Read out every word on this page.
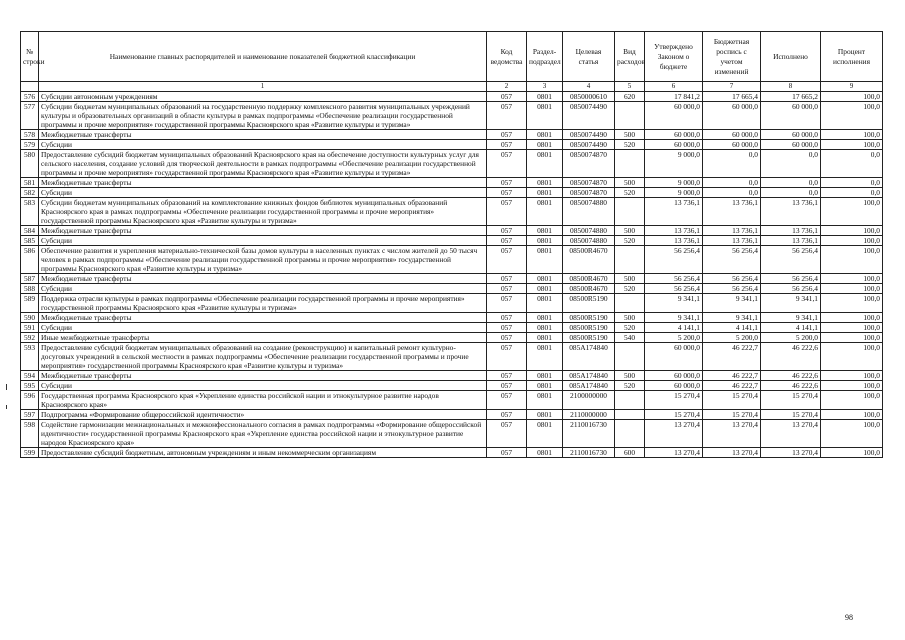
№ строки	Наименование главных распорядителей и наименование показателей бюджетной классификации	Код ведомства	Раздел-подраздел	Целевая статья	Вид расходов	Утверждено Законом о бюджете	Бюджетная роспись с учетом изменений	Исполнено	Процент исполнения
	1	2	3	4	5	6	7	8	9
576	Субсидии автономным учреждениям	057	0801	0850000610	620	17 841,2	17 665,4	17 665,2	100,0
577	Субсидии бюджетам муниципальных образований на государственную поддержку комплексного развития муниципальных учреждений культуры и образовательных организаций в области культуры в рамках подпрограммы «Обеспечение реализации государственной программы и прочие мероприятия» государственной программы Красноярского края «Развитие культуры и туризма»	057	0801	0850074490		60 000,0	60 000,0	60 000,0	100,0
578	Межбюджетные трансферты	057	0801	0850074490	500	60 000,0	60 000,0	60 000,0	100,0
579	Субсидии	057	0801	0850074490	520	60 000,0	60 000,0	60 000,0	100,0
580	Предоставление субсидий бюджетам муниципальных образований Красноярского края на обеспечение доступности культурных услуг для сельского населения, создание условий для творческой деятельности в рамках подпрограммы «Обеспечение реализации государственной программы и прочие мероприятия» государственной программы Красноярского края «Развитие культуры и туризма»	057	0801	0850074870		9 000,0	0,0	0,0	0,0
581	Межбюджетные трансферты	057	0801	0850074870	500	9 000,0	0,0	0,0	0,0
582	Субсидии	057	0801	0850074870	520	9 000,0	0,0	0,0	0,0
583	Субсидии бюджетам муниципальных образований на комплектование книжных фондов библиотек муниципальных образований Красноярского края в рамках подпрограммы «Обеспечение реализации государственной программы и прочие мероприятия» государственной программы Красноярского края «Развитие культуры и туризма»	057	0801	0850074880		13 736,1	13 736,1	13 736,1	100,0
584	Межбюджетные трансферты	057	0801	0850074880	500	13 736,1	13 736,1	13 736,1	100,0
585	Субсидии	057	0801	0850074880	520	13 736,1	13 736,1	13 736,1	100,0
586	Обеспечение развития и укрепления материально-технической базы домов культуры в населенных пунктах с числом жителей до 50 тысяч человек в рамках подпрограммы «Обеспечение реализации государственной программы и прочие мероприятия» государственной программы Красноярского края «Развитие культуры и туризма»	057	0801	08500R4670		56 256,4	56 256,4	56 256,4	100,0
587	Межбюджетные трансферты	057	0801	08500R4670	500	56 256,4	56 256,4	56 256,4	100,0
588	Субсидии	057	0801	08500R4670	520	56 256,4	56 256,4	56 256,4	100,0
589	Поддержка отрасли культуры в рамках подпрограммы «Обеспечение реализации государственной программы и прочие мероприятия» государственной программы Красноярского края «Развитие культуры и туризма»	057	0801	08500R5190		9 341,1	9 341,1	9 341,1	100,0
590	Межбюджетные трансферты	057	0801	08500R5190	500	9 341,1	9 341,1	9 341,1	100,0
591	Субсидии	057	0801	08500R5190	520	4 141,1	4 141,1	4 141,1	100,0
592	Иные межбюджетные трансферты	057	0801	08500R5190	540	5 200,0	5 200,0	5 200,0	100,0
593	Предоставление субсидий бюджетам муниципальных образований на создание (реконструкцию) и капитальный ремонт культурно-досуговых учреждений в сельской местности в рамках подпрограммы «Обеспечение реализации государственной программы и прочие мероприятия» государственной программы Красноярского края «Развитие культуры и туризма»	057	0801	085A174840		60 000,0	46 222,7	46 222,6	100,0
594	Межбюджетные трансферты	057	0801	085A174840	500	60 000,0	46 222,7	46 222,6	100,0
595	Субсидии	057	0801	085A174840	520	60 000,0	46 222,7	46 222,6	100,0
596	Государственная программа Красноярского края «Укрепление единства российской нации и этнокультурное развитие народов Красноярского края»	057	0801	2100000000		15 270,4	15 270,4	15 270,4	100,0
597	Подпрограмма «Формирование общероссийской идентичности»	057	0801	2110000000		15 270,4	15 270,4	15 270,4	100,0
598	Содействие гармонизации межнациональных и межконфессионального согласия в рамках подпрограммы «Формирование общероссийской идентичности» государственной программы Красноярского края «Укрепление единства российской нации и этнокультурное развитие народов Красноярского края»	057	0801	2110016730		13 270,4	13 270,4	13 270,4	100,0
599	Предоставление субсидий бюджетным, автономным учреждениям и иным некоммерческим организациям	057	0801	2110016730	600	13 270,4	13 270,4	13 270,4	100,0
98
